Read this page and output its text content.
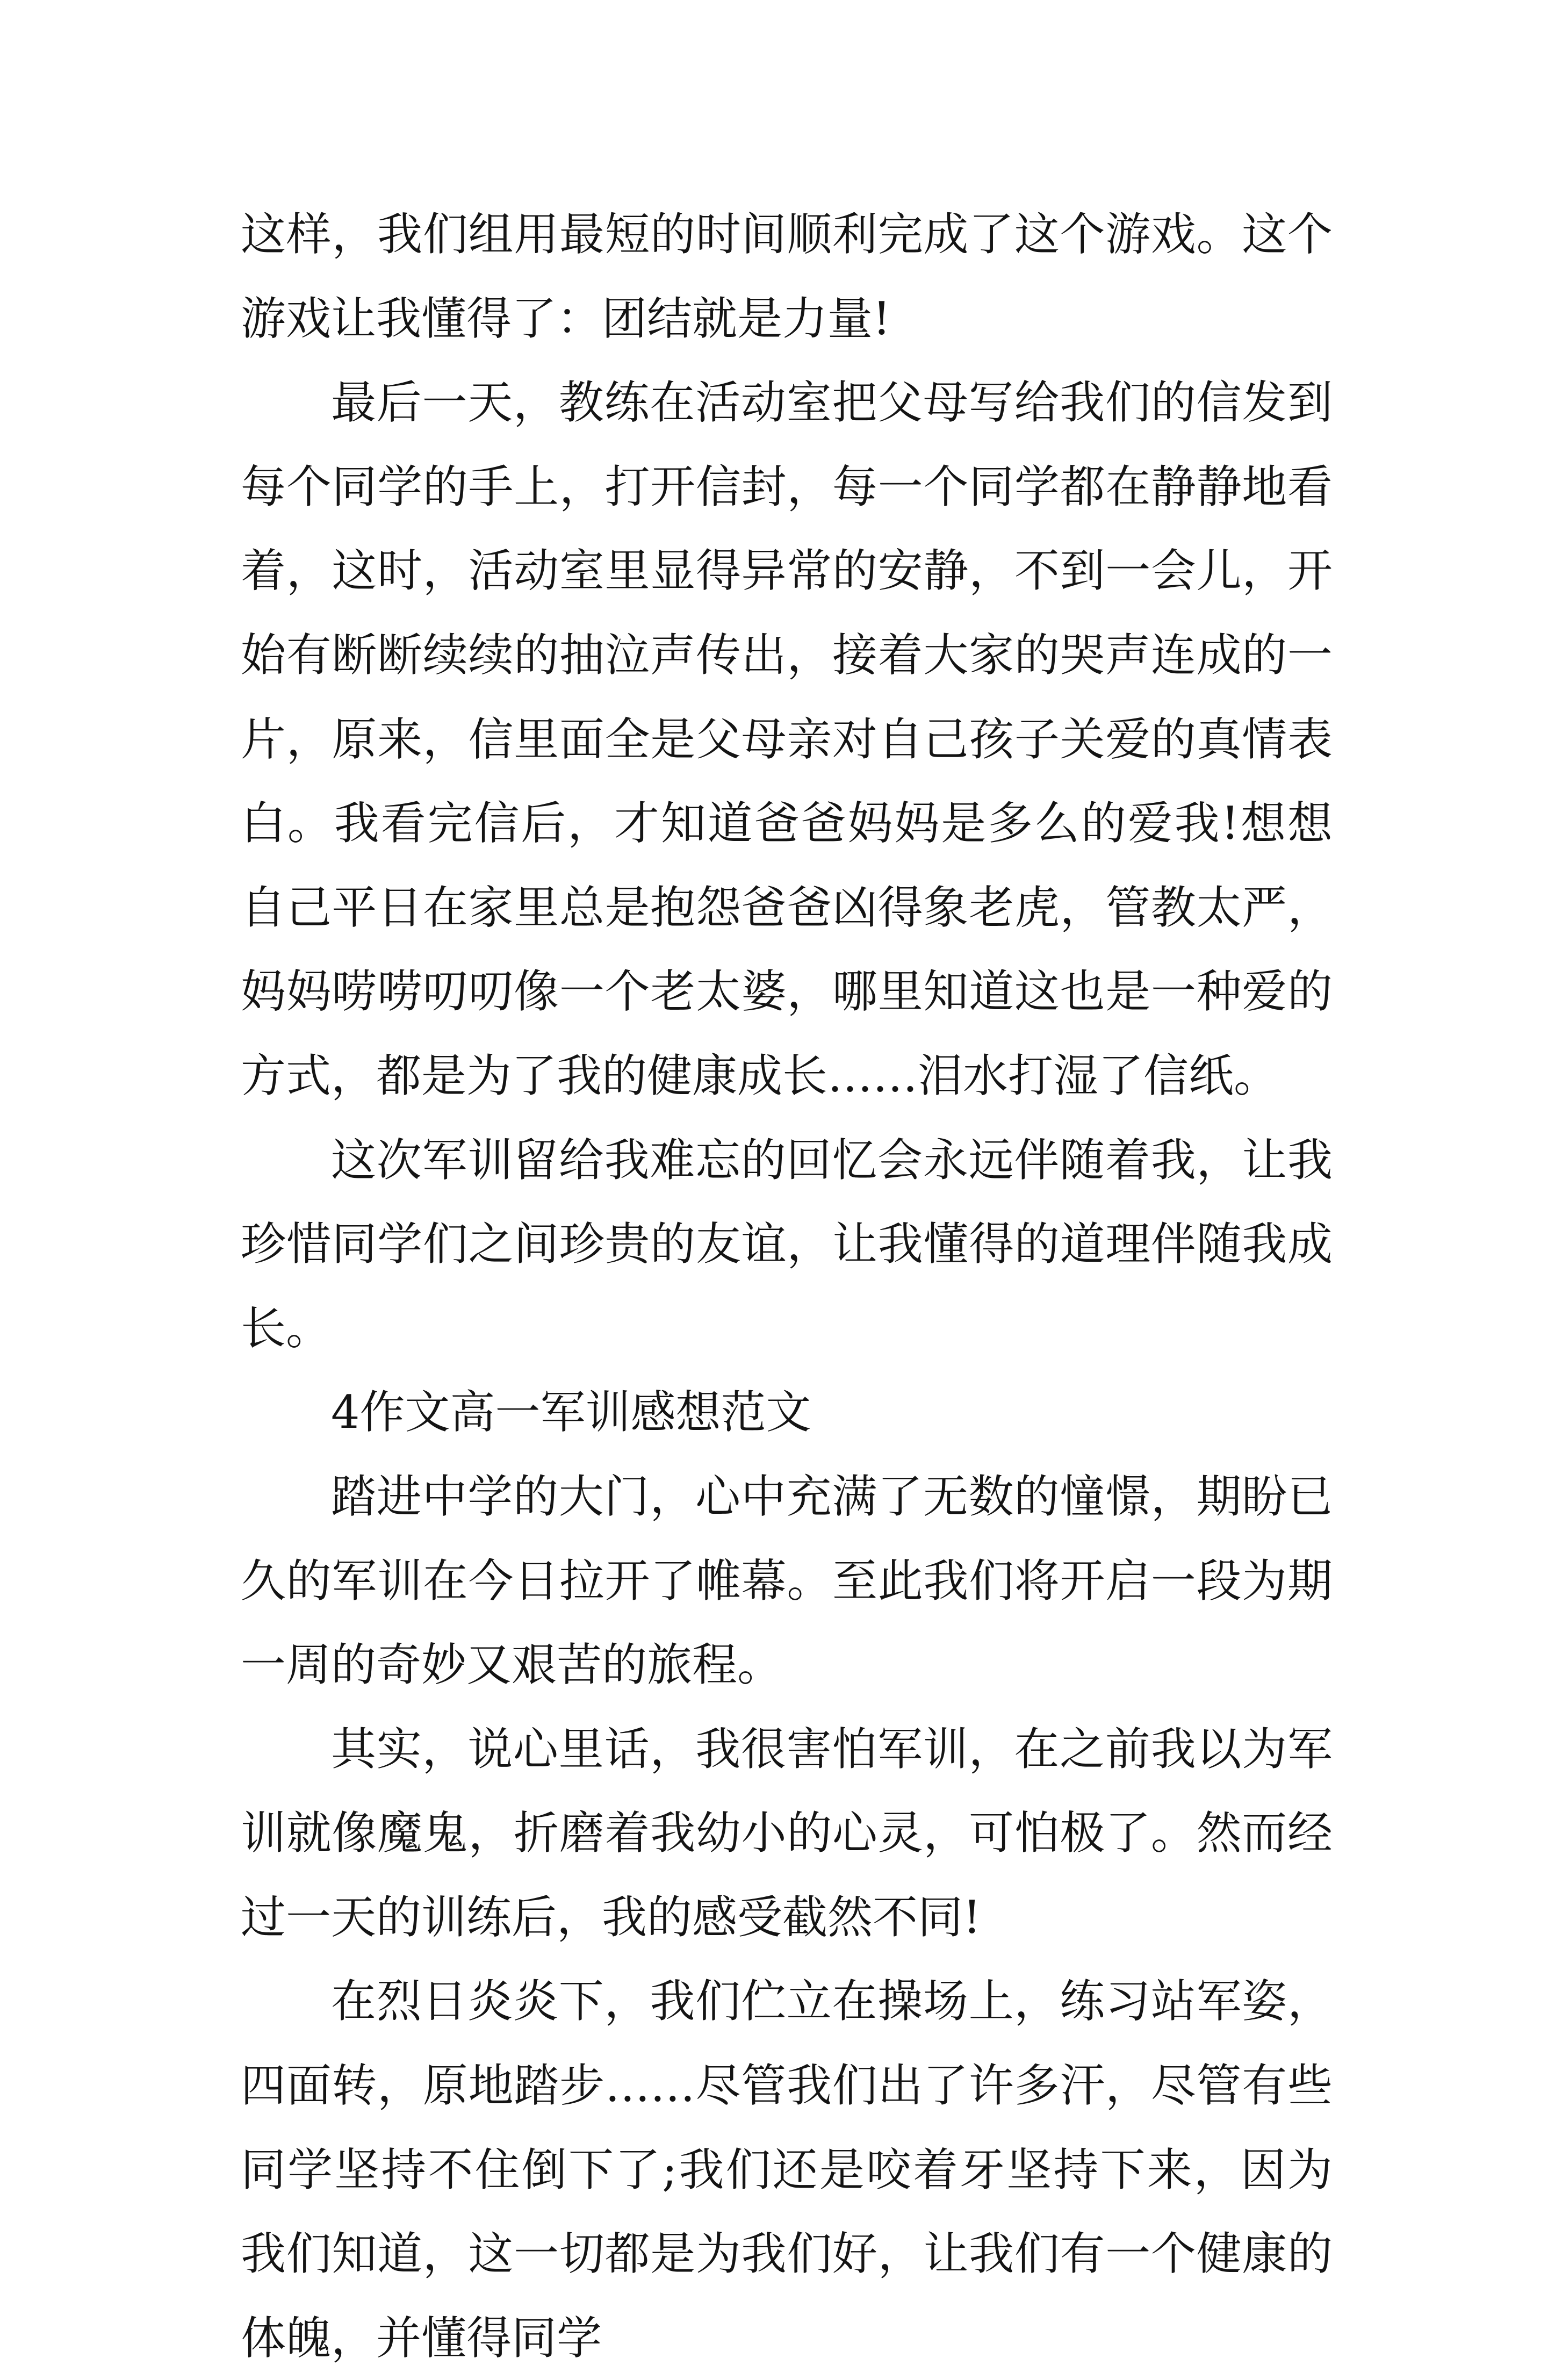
这样，我们组用最短的时间顺利完成了这个游戏。这个游戏让我懂得了：团结就是力量!

最后一天，教练在活动室把父母写给我们的信发到每个同学的手上，打开信封，每一个同学都在静静地看着，这时，活动室里显得异常的安静，不到一会儿，开始有断断续续的抽泣声传出，接着大家的哭声连成的一片，原来，信里面全是父母亲对自己孩子关爱的真情表白。我看完信后，才知道爸爸妈妈是多么的爱我!想想自己平日在家里总是抱怨爸爸凶得象老虎，管教太严，妈妈唠唠叨叨像一个老太婆，哪里知道这也是一种爱的方式，都是为了我的健康成长……泪水打湿了信纸。

这次军训留给我难忘的回忆会永远伴随着我，让我珍惜同学们之间珍贵的友谊，让我懂得的道理伴随我成长。

4作文高一军训感想范文

踏进中学的大门，心中充满了无数的憧憬，期盼已久的军训在今日拉开了帷幕。至此我们将开启一段为期一周的奇妙又艰苦的旅程。

其实，说心里话，我很害怕军训，在之前我以为军训就像魔鬼，折磨着我幼小的心灵，可怕极了。然而经过一天的训练后，我的感受截然不同!

在烈日炎炎下，我们伫立在操场上，练习站军姿，四面转，原地踏步……尽管我们出了许多汗，尽管有些同学坚持不住倒下了;我们还是咬着牙坚持下来，因为我们知道，这一切都是为我们好，让我们有一个健康的体魄，并懂得同学
